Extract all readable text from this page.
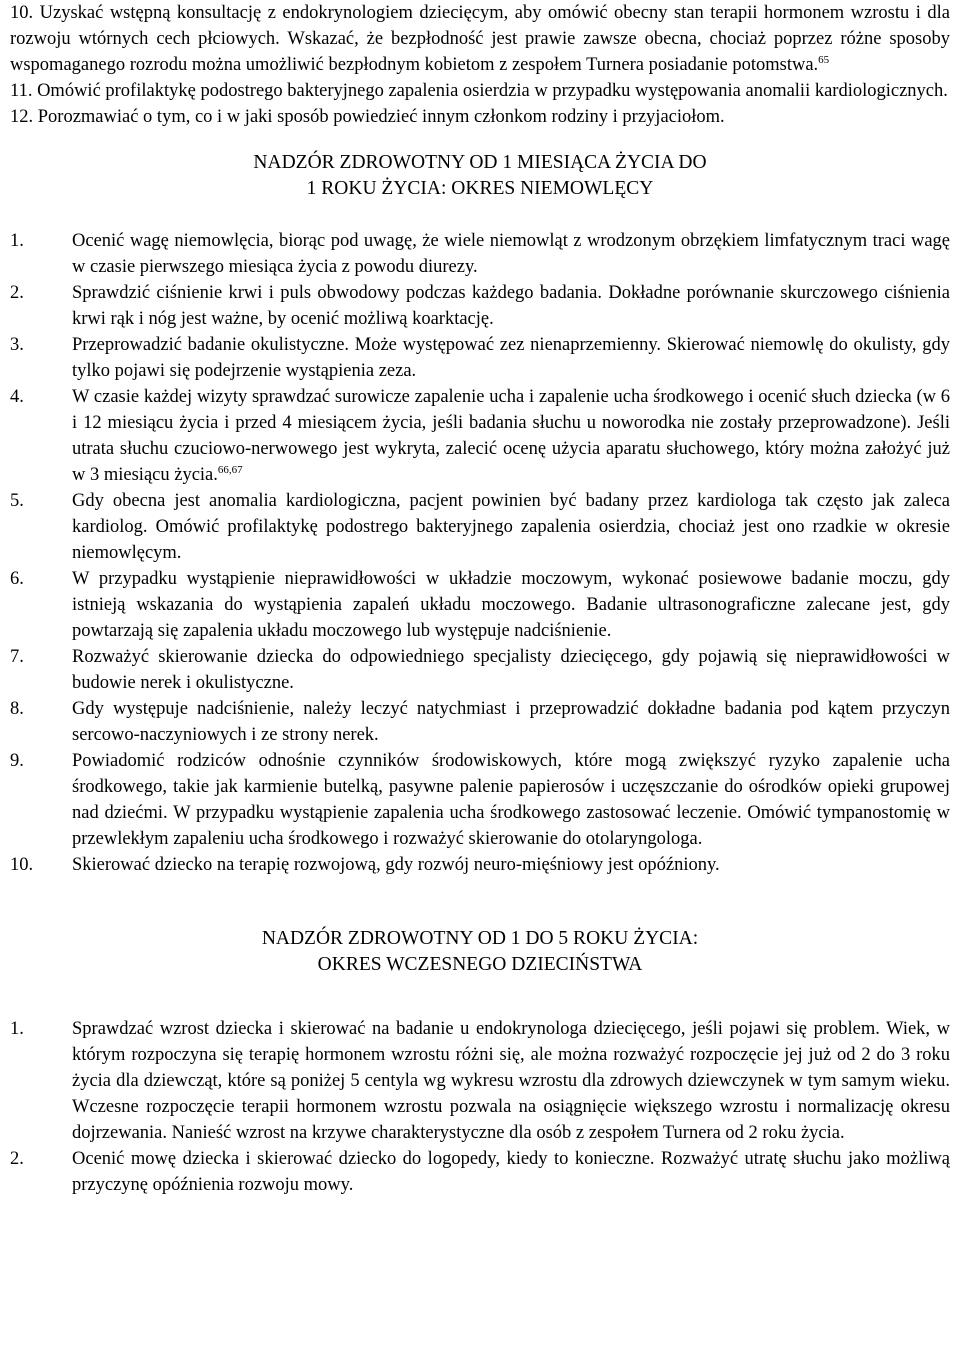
10. Uzyskać wstępną konsultację z endokrynologiem dziecięcym, aby omówić obecny stan terapii hormonem wzrostu i dla rozwoju wtórnych cech płciowych. Wskazać, że bezpłodność jest prawie zawsze obecna, chociaż poprzez różne sposoby wspomaganego rozrodu można umożliwić bezpłodnym kobietom z zespołem Turnera posiadanie potomstwa.$^{65}$

11. Omówić profilaktykę podostrego bakteryjnego zapalenia osierdzia w przypadku występowania anomalii kardiologicznych.

12. Porozmawiać o tym, co i w jaki sposób powiedzieć innym członkom rodziny i przyjaciołom.

NADZÓR ZDROWOTNY OD 1 MIESIĄCA ŻYCIA DO
1 ROKU ŻYCIA: OKRES NIEMOWLĘCY
1.	Ocenić wagę niemowlęcia, biorąc pod uwagę, że wiele niemowląt z wrodzonym obrzękiem limfatycznym traci wagę w czasie pierwszego miesiąca życia z powodu diurezy.
2.	Sprawdzić ciśnienie krwi i puls obwodowy podczas każdego badania. Dokładne porównanie skurczowego ciśnienia krwi rąk i nóg jest ważne, by ocenić możliwą koarktację.
3.	Przeprowadzić badanie okulistyczne. Może występować zez nienaprzemienny. Skierować niemowlę do okulisty, gdy tylko pojawi się podejrzenie wystąpienia zeza.
4.	W czasie każdej wizyty sprawdzać surowicze zapalenie ucha i zapalenie ucha środkowego i ocenić słuch dziecka (w 6 i 12 miesiącu życia i przed 4 miesiącem życia, jeśli badania słuchu u noworodka nie zostały przeprowadzone). Jeśli utrata słuchu czuciowo-nerwowego jest wykryta, zalecić ocenę użycia aparatu słuchowego, który można założyć już w 3 miesiącu życia.$^{66,67}$
5.	Gdy obecna jest anomalia kardiologiczna, pacjent powinien być badany przez kardiologa tak często jak zaleca kardiolog. Omówić profilaktykę podostrego bakteryjnego zapalenia osierdzia, chociaż jest ono rzadkie w okresie niemowlęcym.
6.	W przypadku wystąpienie nieprawidłowości w układzie moczowym, wykonać posiewowe badanie moczu, gdy istnieją wskazania do wystąpienia zapaleń układu moczowego. Badanie ultrasonograficzne zalecane jest, gdy powtarzają się zapalenia układu moczowego lub występuje nadciśnienie.
7.	Rozważyć skierowanie dziecka do odpowiedniego specjalisty dziecięcego, gdy pojawią się nieprawidłowości w budowie nerek i okulistyczne.
8.	Gdy występuje nadciśnienie, należy leczyć natychmiast i przeprowadzić dokładne badania pod kątem przyczyn sercowo-naczyniowych i ze strony nerek.
9.	Powiadomić rodziców odnośnie czynników środowiskowych, które mogą zwiększyć ryzyko zapalenie ucha środkowego, takie jak karmienie butelką, pasywne palenie papierosów i uczęszczanie do ośrodków opieki grupowej nad dziećmi. W przypadku wystąpienie zapalenia ucha środkowego zastosować leczenie. Omówić tympanostomię w przewlekłym zapaleniu ucha środkowego i rozważyć skierowanie do otolaryngologa.
10.	Skierować dziecko na terapię rozwojową, gdy rozwój neuro-mięśniowy jest opóźniony.
NADZÓR ZDROWOTNY OD 1 DO 5 ROKU ŻYCIA:
OKRES WCZESNEGO DZIECIŃSTWA
1.	Sprawdzać wzrost dziecka i skierować na badanie u endokrynologa dziecięcego, jeśli pojawi się problem. Wiek, w którym rozpoczyna się terapię hormonem wzrostu różni się, ale można rozważyć rozpoczęcie jej już od 2 do 3 roku życia dla dziewcząt, które są poniżej 5 centyla wg wykresu wzrostu dla zdrowych dziewczynek w tym samym wieku. Wczesne rozpoczęcie terapii hormonem wzrostu pozwala na osiągnięcie większego wzrostu i normalizację okresu dojrzewania. Nanieść wzrost na krzywe charakterystyczne dla osób z zespołem Turnera od 2 roku życia.
2.	Ocenić mowę dziecka i skierować dziecko do logopedy, kiedy to konieczne. Rozważyć utratę słuchu jako możliwą przyczynę opóźnienia rozwoju mowy.
